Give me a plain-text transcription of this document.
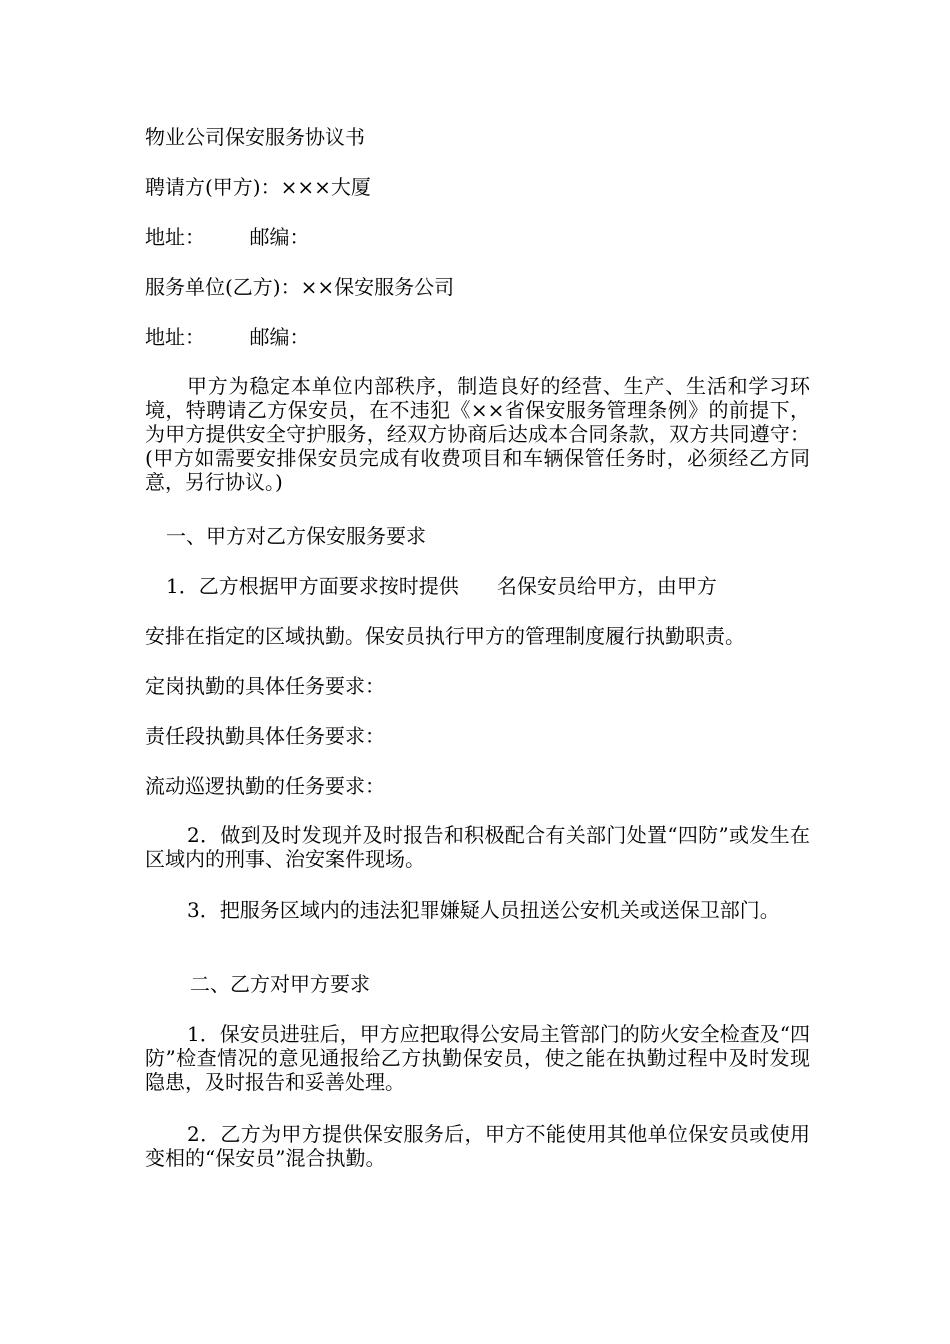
物业公司保安服务协议书
聘请方(甲方)：×××大厦
地址：       邮编：
服务单位(乙方)：××保安服务公司
地址：       邮编：
甲方为稳定本单位内部秩序，制造良好的经营、生产、生活和学习环境，特聘请乙方保安员，在不违犯《××省保安服务管理条例》的前提下，为甲方提供安全守护服务，经双方协商后达成本合同条款，双方共同遵守：(甲方如需要安排保安员完成有收费项目和车辆保管任务时，必须经乙方同意，另行协议。)
一、甲方对乙方保安服务要求
1．乙方根据甲方面要求按时提供      名保安员给甲方，由甲方
安排在指定的区域执勤。保安员执行甲方的管理制度履行执勤职责。
定岗执勤的具体任务要求：
责任段执勤具体任务要求：
流动巡逻执勤的任务要求：
2．做到及时发现并及时报告和积极配合有关部门处置“四防”或发生在区域内的刑事、治安案件现场。
3．把服务区域内的违法犯罪嫌疑人员扭送公安机关或送保卫部门。
二、乙方对甲方要求
1．保安员进驻后，甲方应把取得公安局主管部门的防火安全检查及“四防”检查情况的意见通报给乙方执勤保安员，使之能在执勤过程中及时发现隐患，及时报告和妥善处理。
2．乙方为甲方提供保安服务后，甲方不能使用其他单位保安员或使用变相的“保安员”混合执勤。
